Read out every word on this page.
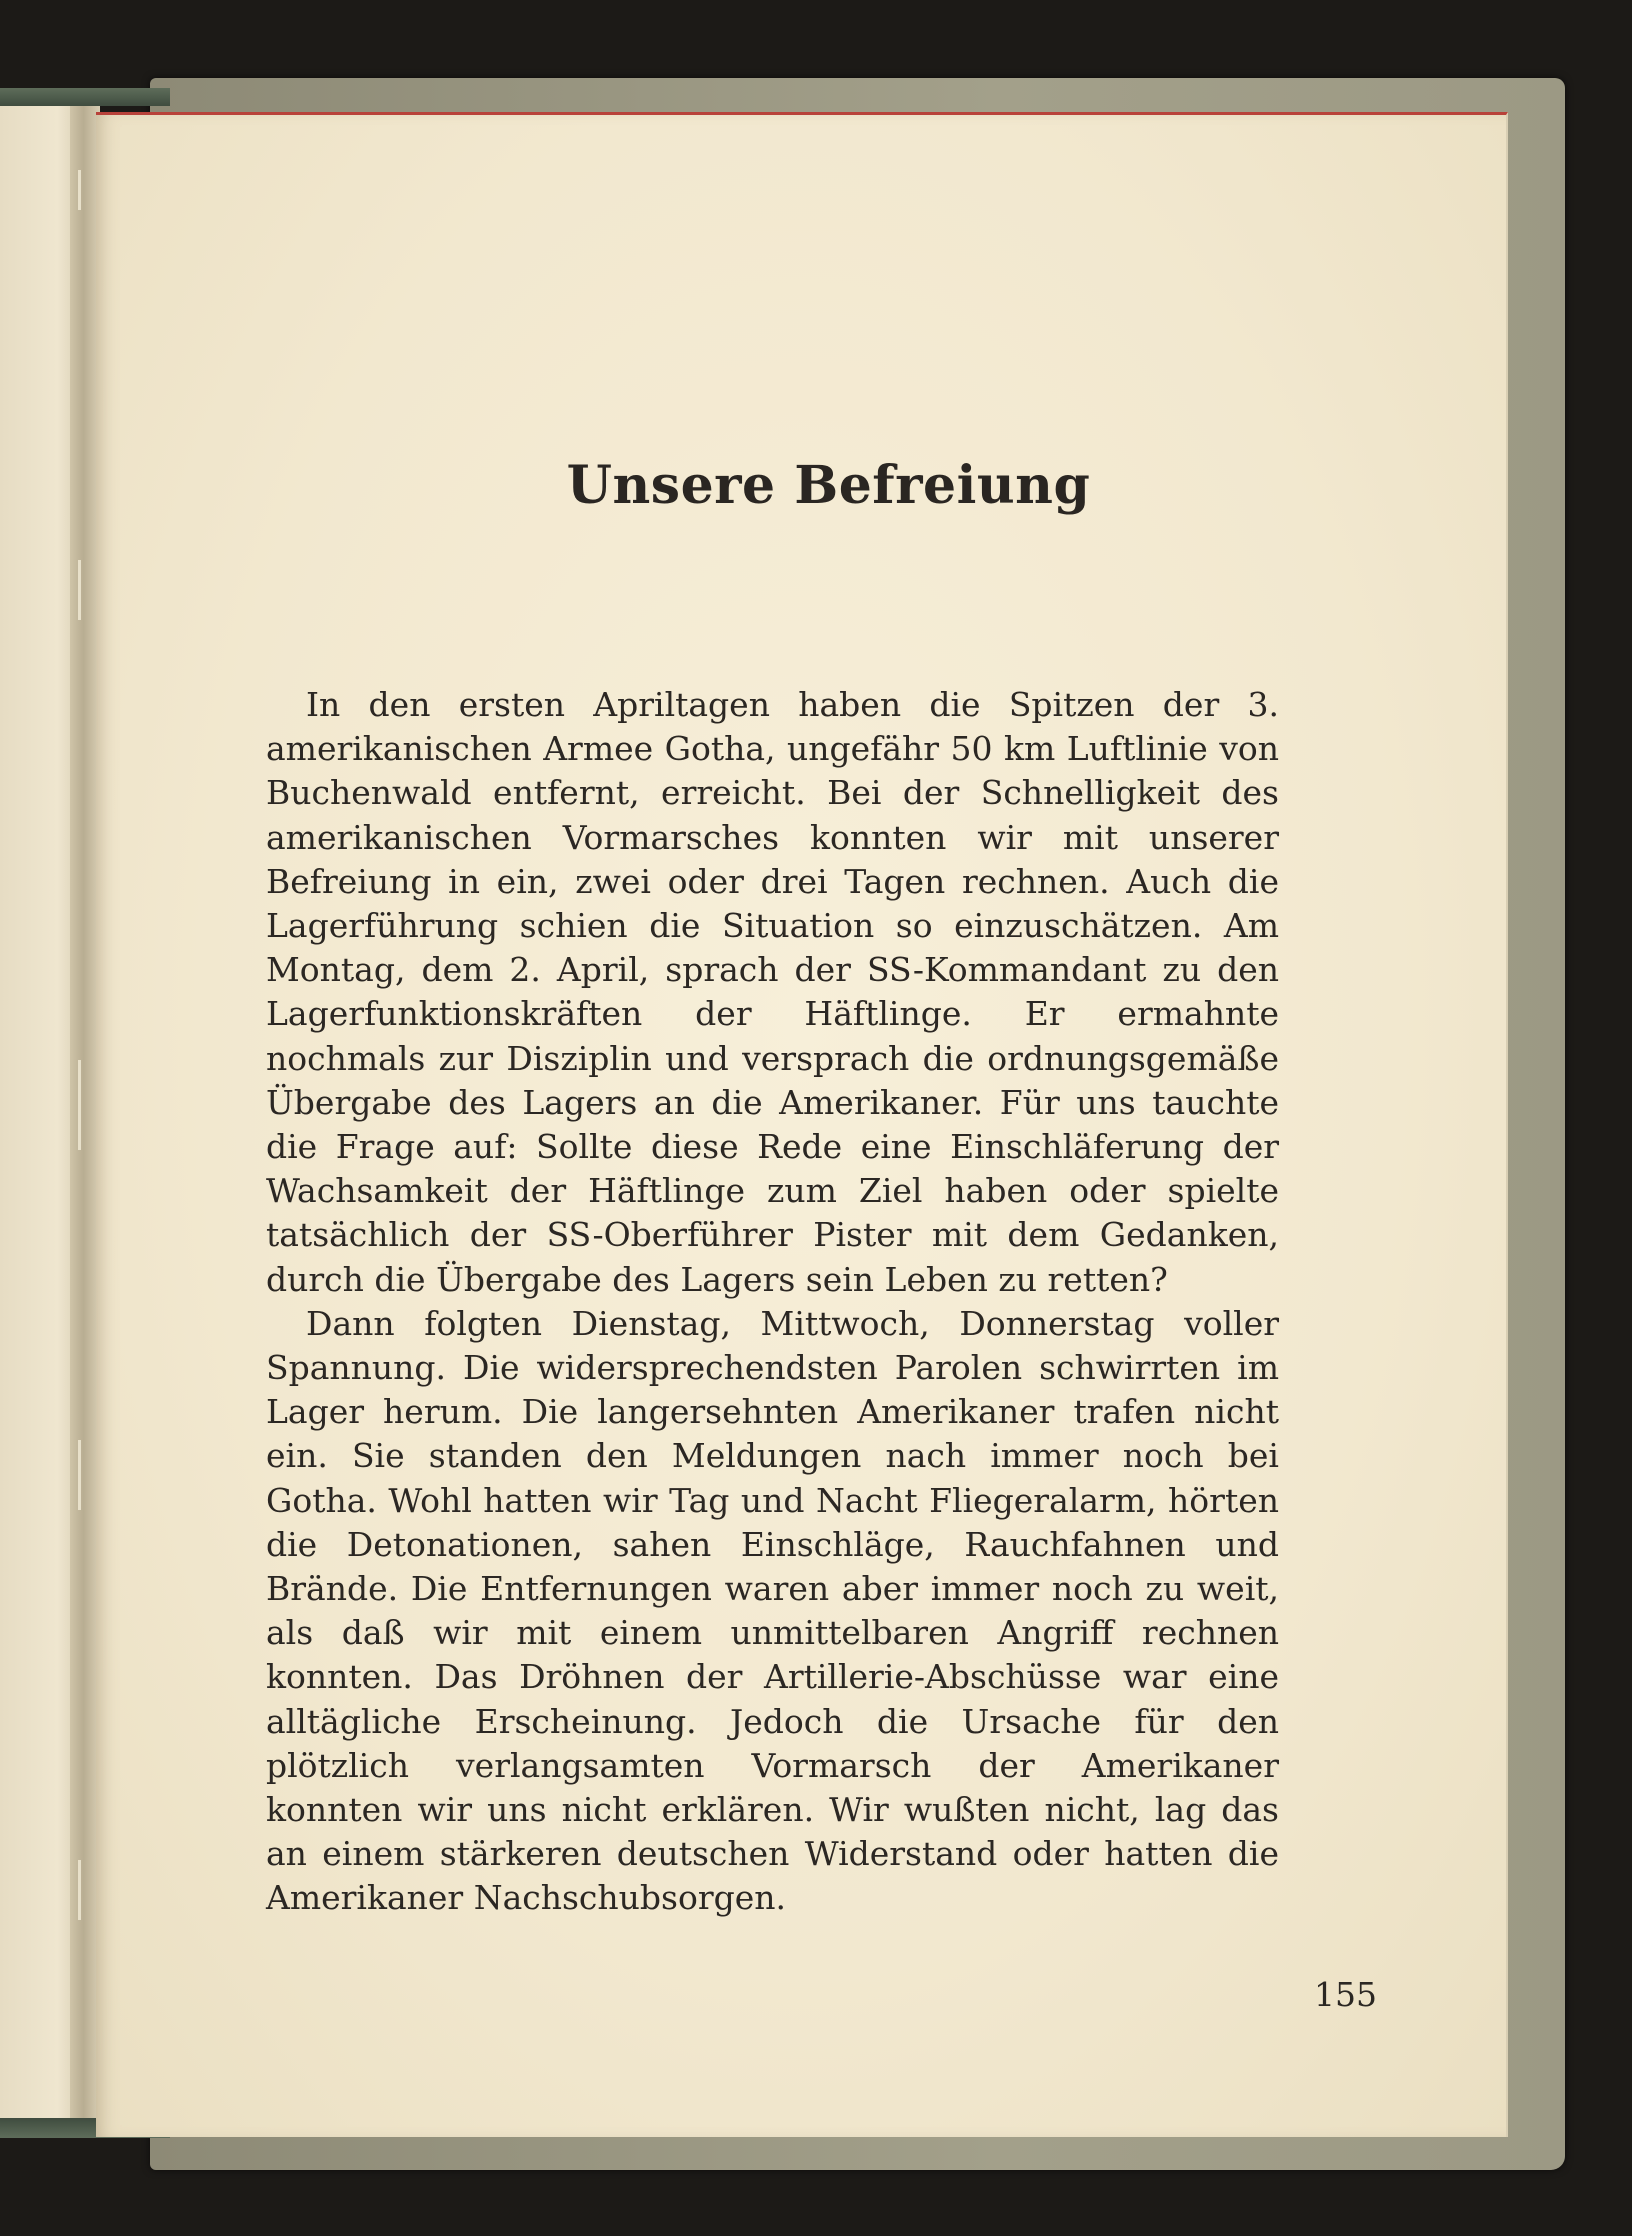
Unsere Befreiung

In den ersten Apriltagen haben die Spitzen der 3. amerikanischen Armee Gotha, ungefähr 50 km Luftlinie von Buchenwald entfernt, erreicht. Bei der Schnelligkeit des amerikanischen Vormarsches konnten wir mit unserer Befreiung in ein, zwei oder drei Tagen rechnen. Auch die Lagerführung schien die Situation so einzuschätzen. Am Montag, dem 2. April, sprach der SS-Kommandant zu den Lagerfunktionskräften der Häftlinge. Er ermahnte nochmals zur Disziplin und versprach die ordnungsgemäße Übergabe des Lagers an die Amerikaner. Für uns tauchte die Frage auf: Sollte diese Rede eine Einschläferung der Wachsamkeit der Häftlinge zum Ziel haben oder spielte tatsächlich der SS-Oberführer Pister mit dem Gedanken, durch die Übergabe des Lagers sein Leben zu retten?

Dann folgten Dienstag, Mittwoch, Donnerstag voller Spannung. Die widersprechendsten Parolen schwirrten im Lager herum. Die langersehnten Amerikaner trafen nicht ein. Sie standen den Meldungen nach immer noch bei Gotha. Wohl hatten wir Tag und Nacht Fliegeralarm, hörten die Detonationen, sahen Einschläge, Rauchfahnen und Brände. Die Entfernungen waren aber immer noch zu weit, als daß wir mit einem unmittelbaren Angriff rechnen konnten. Das Dröhnen der Artillerie-Abschüsse war eine alltägliche Erscheinung. Jedoch die Ursache für den plötzlich verlangsamten Vormarsch der Amerikaner konnten wir uns nicht erklären. Wir wußten nicht, lag das an einem stärkeren deutschen Widerstand oder hatten die Amerikaner Nachschubsorgen.

155
